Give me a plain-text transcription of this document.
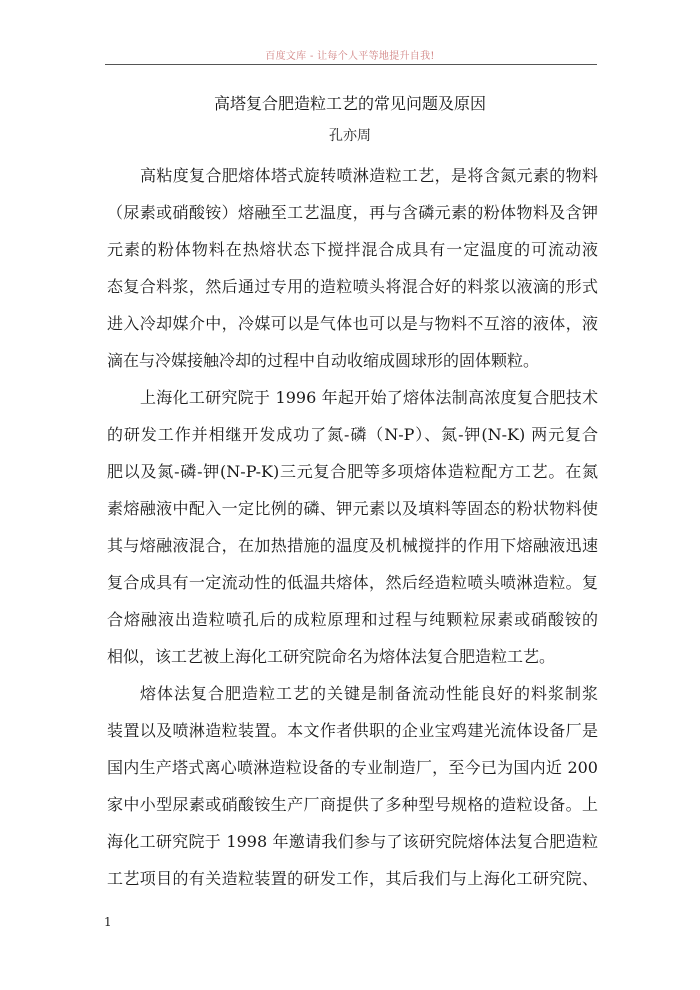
百度文库 - 让每个人平等地提升自我!
高塔复合肥造粒工艺的常见问题及原因
孔亦周
高粘度复合肥熔体塔式旋转喷淋造粒工艺，是将含氮元素的物料
（尿素或硝酸铵）熔融至工艺温度，再与含磷元素的粉体物料及含钾
元素的粉体物料在热熔状态下搅拌混合成具有一定温度的可流动液
态复合料浆，然后通过专用的造粒喷头将混合好的料浆以液滴的形式
进入冷却媒介中，冷媒可以是气体也可以是与物料不互溶的液体，液
滴在与冷媒接触冷却的过程中自动收缩成圆球形的固体颗粒。
上海化工研究院于 1996 年起开始了熔体法制高浓度复合肥技术
的研发工作并相继开发成功了氮-磷（N-P）、氮-钾(N-K) 两元复合
肥以及氮-磷-钾(N-P-K)三元复合肥等多项熔体造粒配方工艺。在氮
素熔融液中配入一定比例的磷、钾元素以及填料等固态的粉状物料使
其与熔融液混合，在加热措施的温度及机械搅拌的作用下熔融液迅速
复合成具有一定流动性的低温共熔体，然后经造粒喷头喷淋造粒。复
合熔融液出造粒喷孔后的成粒原理和过程与纯颗粒尿素或硝酸铵的
相似，该工艺被上海化工研究院命名为熔体法复合肥造粒工艺。
熔体法复合肥造粒工艺的关键是制备流动性能良好的料浆制浆
装置以及喷淋造粒装置。本文作者供职的企业宝鸡建光流体设备厂是
国内生产塔式离心喷淋造粒设备的专业制造厂，至今已为国内近 200
家中小型尿素或硝酸铵生产厂商提供了多种型号规格的造粒设备。上
海化工研究院于 1998 年邀请我们参与了该研究院熔体法复合肥造粒
工艺项目的有关造粒装置的研发工作，其后我们与上海化工研究院、
1
